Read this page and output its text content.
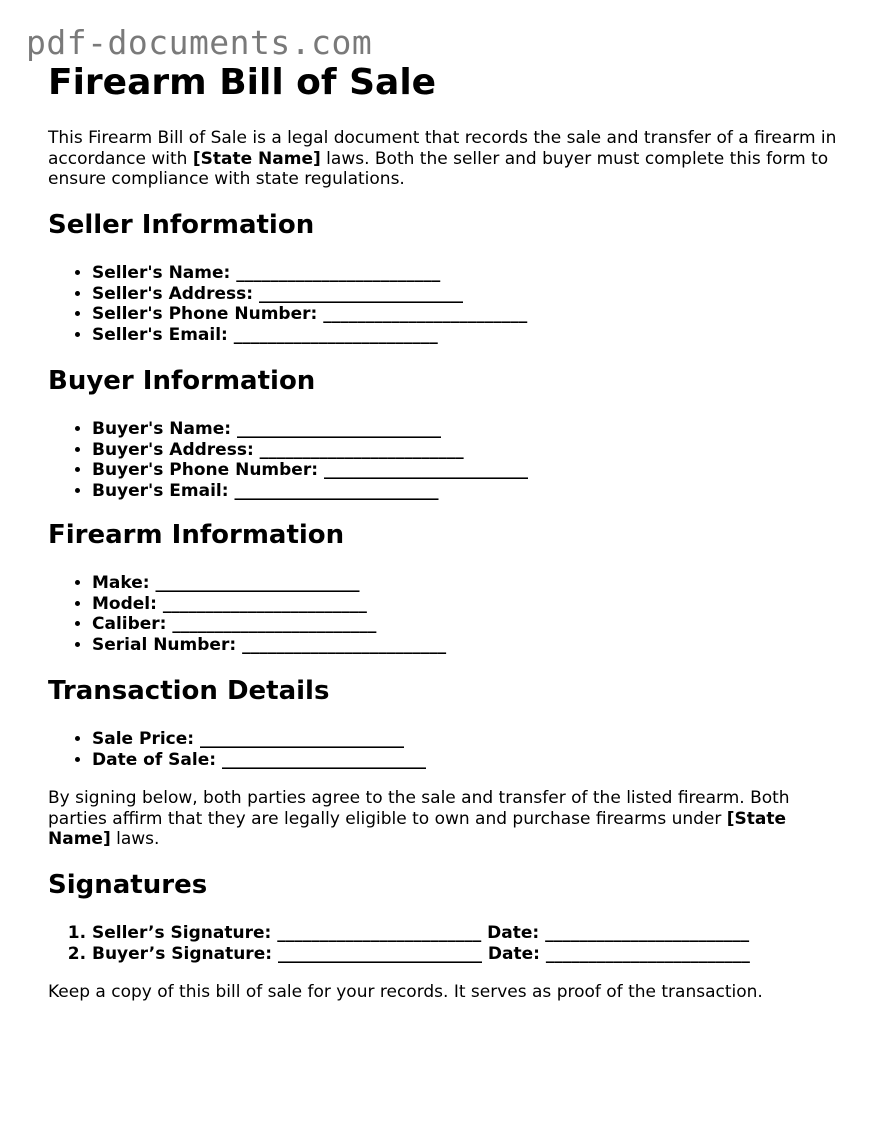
pdf-documents.com
Firearm Bill of Sale

This Firearm Bill of Sale is a legal document that records the sale and transfer of a firearm in accordance with [State Name] laws. Both the seller and buyer must complete this form to ensure compliance with state regulations.

Seller Information
• Seller's Name: ________________________
• Seller's Address: ________________________
• Seller's Phone Number: ________________________
• Seller's Email: ________________________
Buyer Information
• Buyer's Name: ________________________
• Buyer's Address: ________________________
• Buyer's Phone Number: ________________________
• Buyer's Email: ________________________
Firearm Information
• Make: ________________________
• Model: ________________________
• Caliber: ________________________
• Serial Number: ________________________
Transaction Details
• Sale Price: ________________________
• Date of Sale: ________________________

By signing below, both parties agree to the sale and transfer of the listed firearm. Both parties affirm that they are legally eligible to own and purchase firearms under [State Name] laws.

Signatures
1. Seller’s Signature: ________________________ Date: ________________________
2. Buyer’s Signature: ________________________ Date: ________________________

Keep a copy of this bill of sale for your records. It serves as proof of the transaction.
